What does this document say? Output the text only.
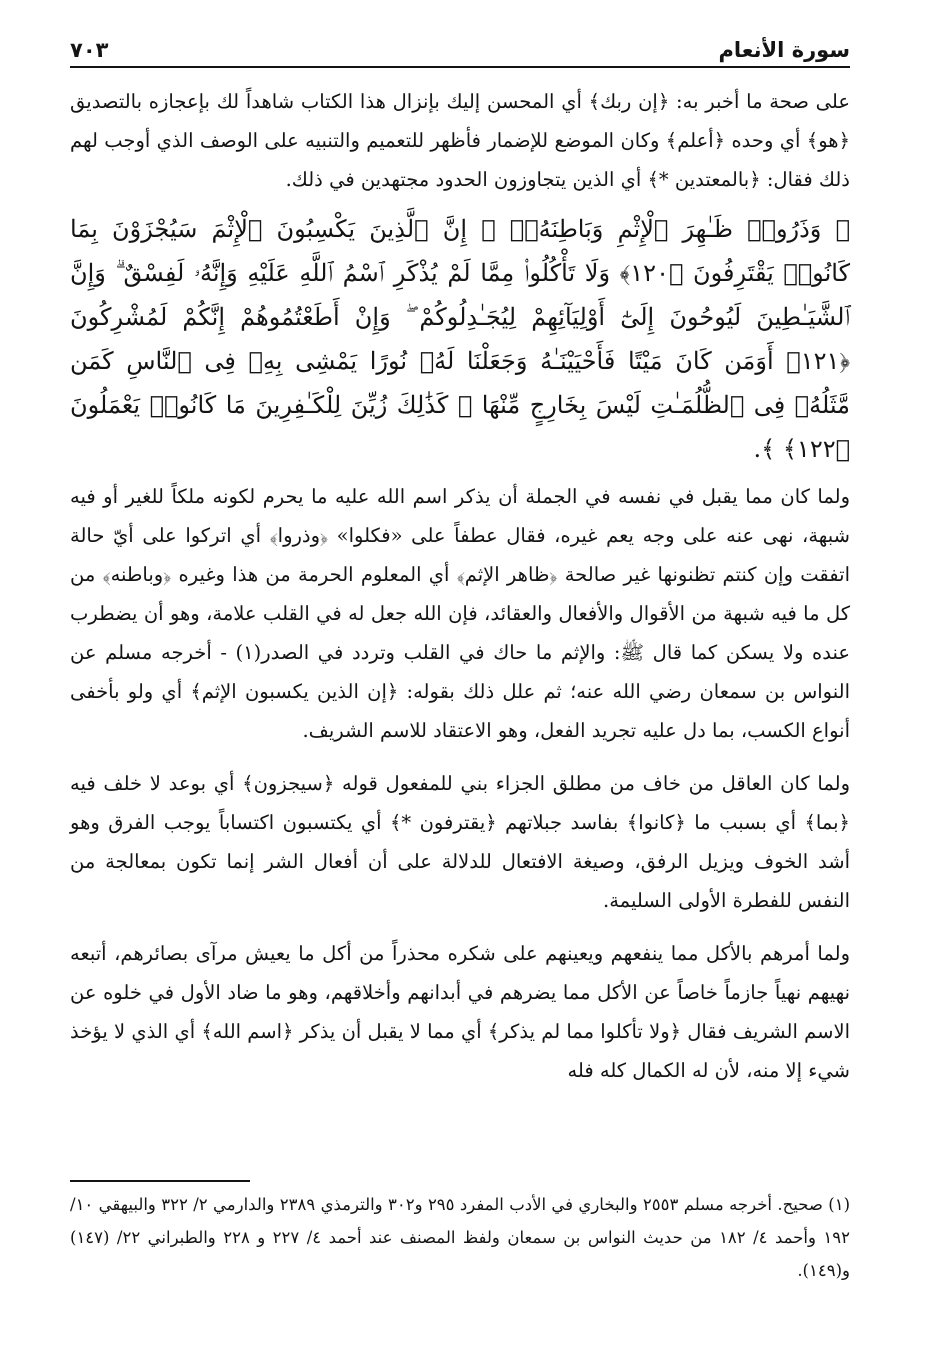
سورة الأنعام
٧٠٣

على صحة ما أخبر به: ﴿إن ربك﴾ أي المحسن إليك بإنزال هذا الكتاب شاهداً لك بإعجازه بالتصديق ﴿هو﴾ أي وحده ﴿أعلم﴾ وكان الموضع للإضمار فأظهر للتعميم والتنبيه على الوصف الذي أوجب لهم ذلك فقال: ﴿بالمعتدين *﴾ أي الذين يتجاوزون الحدود مجتهدين في ذلك.

﴿ وَذَرُوا۟ ظَـٰهِرَ ٱلْإِثْمِ وَبَاطِنَهُۥٓ ۚ إِنَّ ٱلَّذِينَ يَكْسِبُونَ ٱلْإِثْمَ سَيُجْزَوْنَ بِمَا كَانُوا۟ يَقْتَرِفُونَ ﴿١٢٠﴾ وَلَا تَأْكُلُوا۟ مِمَّا لَمْ يُذْكَرِ ٱسْمُ ٱللَّهِ عَلَيْهِ وَإِنَّهُۥ لَفِسْقٌ ۗ وَإِنَّ ٱلشَّيَـٰطِينَ لَيُوحُونَ إِلَىٰٓ أَوْلِيَآئِهِمْ لِيُجَـٰدِلُوكُمْ ۖ وَإِنْ أَطَعْتُمُوهُمْ إِنَّكُمْ لَمُشْرِكُونَ ﴿١٢١﴾ أَوَمَن كَانَ مَيْتًا فَأَحْيَيْنَـٰهُ وَجَعَلْنَا لَهُۥ نُورًا يَمْشِى بِهِۦ فِى ٱلنَّاسِ كَمَن مَّثَلُهُۥ فِى ٱلظُّلُمَـٰتِ لَيْسَ بِخَارِجٍ مِّنْهَا ۚ كَذَٰلِكَ زُيِّنَ لِلْكَـٰفِرِينَ مَا كَانُوا۟ يَعْمَلُونَ ﴿١٢٢﴾ ﴾.

ولما كان مما يقبل في نفسه في الجملة أن يذكر اسم الله عليه ما يحرم لكونه ملكاً للغير أو فيه شبهة، نهى عنه على وجه يعم غيره، فقال عطفاً على «فكلوا» ﴿وذروا﴾ أي اتركوا على أيّ حالة اتفقت وإن كنتم تظنونها غير صالحة ﴿ظاهر الإثم﴾ أي المعلوم الحرمة من هذا وغيره ﴿وباطنه﴾ من كل ما فيه شبهة من الأقوال والأفعال والعقائد، فإن الله جعل له في القلب علامة، وهو أن يضطرب عنده ولا يسكن كما قال ﷺ: والإثم ما حاك في القلب وتردد في الصدر(١) - أخرجه مسلم عن النواس بن سمعان رضي الله عنه؛ ثم علل ذلك بقوله: ﴿إن الذين يكسبون الإثم﴾ أي ولو بأخفى أنواع الكسب، بما دل عليه تجريد الفعل، وهو الاعتقاد للاسم الشريف.

ولما كان العاقل من خاف من مطلق الجزاء بني للمفعول قوله ﴿سيجزون﴾ أي بوعد لا خلف فيه ﴿بما﴾ أي بسبب ما ﴿كانوا﴾ بفاسد جبلاتهم ﴿يقترفون *﴾ أي يكتسبون اكتساباً يوجب الفرق وهو أشد الخوف ويزيل الرفق، وصيغة الافتعال للدلالة على أن أفعال الشر إنما تكون بمعالجة من النفس للفطرة الأولى السليمة.

ولما أمرهم بالأكل مما ينفعهم ويعينهم على شكره محذراً من أكل ما يعيش مرآى بصائرهم، أتبعه نهيهم نهياً جازماً خاصاً عن الأكل مما يضرهم في أبدانهم وأخلاقهم، وهو ما ضاد الأول في خلوه عن الاسم الشريف فقال ﴿ولا تأكلوا مما لم يذكر﴾ أي مما لا يقبل أن يذكر ﴿اسم الله﴾ أي الذي لا يؤخذ شيء إلا منه، لأن له الكمال كله فله

(١) صحيح. أخرجه مسلم ٢٥٥٣ والبخاري في الأدب المفرد ٢٩٥ و٣٠٢ والترمذي ٢٣٨٩ والدارمي ٢/ ٣٢٢ والبيهقي ١٠/ ١٩٢ وأحمد ٤/ ١٨٢ من حديث النواس بن سمعان ولفظ المصنف عند أحمد ٤/ ٢٢٧ و ٢٢٨ والطبراني ٢٢/ (١٤٧) و(١٤٩).
